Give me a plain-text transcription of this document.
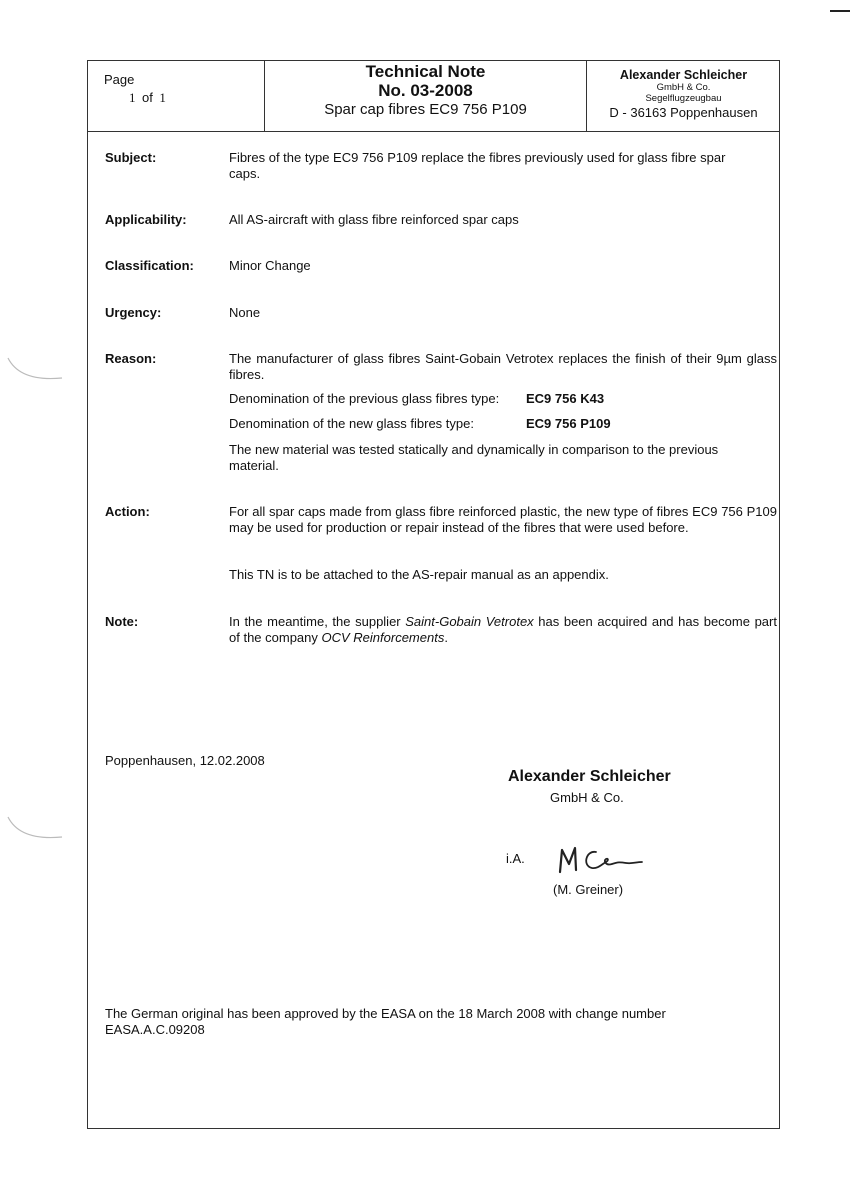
Page
1 of 1
Technical Note
No. 03-2008
Spar cap fibres EC9 756 P109
Alexander Schleicher
GmbH & Co.
Segelflugzeugbau
D - 36163 Poppenhausen
Subject:	Fibres of the type EC9 756 P109 replace the fibres previously used for glass fibre spar caps.
Applicability:	All AS-aircraft with glass fibre reinforced spar caps
Classification:	Minor Change
Urgency:	None
Reason:	The manufacturer of glass fibres Saint-Gobain Vetrotex replaces the finish of their 9µm glass fibres.
Denomination of the previous glass fibres type: EC9 756 K43
Denomination of the new glass fibres type:	EC9 756 P109
The new material was tested statically and dynamically in comparison to the previous material.
Action:	For all spar caps made from glass fibre reinforced plastic, the new type of fibres EC9 756 P109 may be used for production or repair instead of the fibres that were used before.
This TN is to be attached to the AS-repair manual as an appendix.
Note:	In the meantime, the supplier Saint-Gobain Vetrotex has been acquired and has become part of the company OCV Reinforcements.
Poppenhausen, 12.02.2008
Alexander Schleicher
GmbH & Co.
i.A.
(M. Greiner)
The German original has been approved by the EASA on the 18 March 2008 with change number EASA.A.C.09208
